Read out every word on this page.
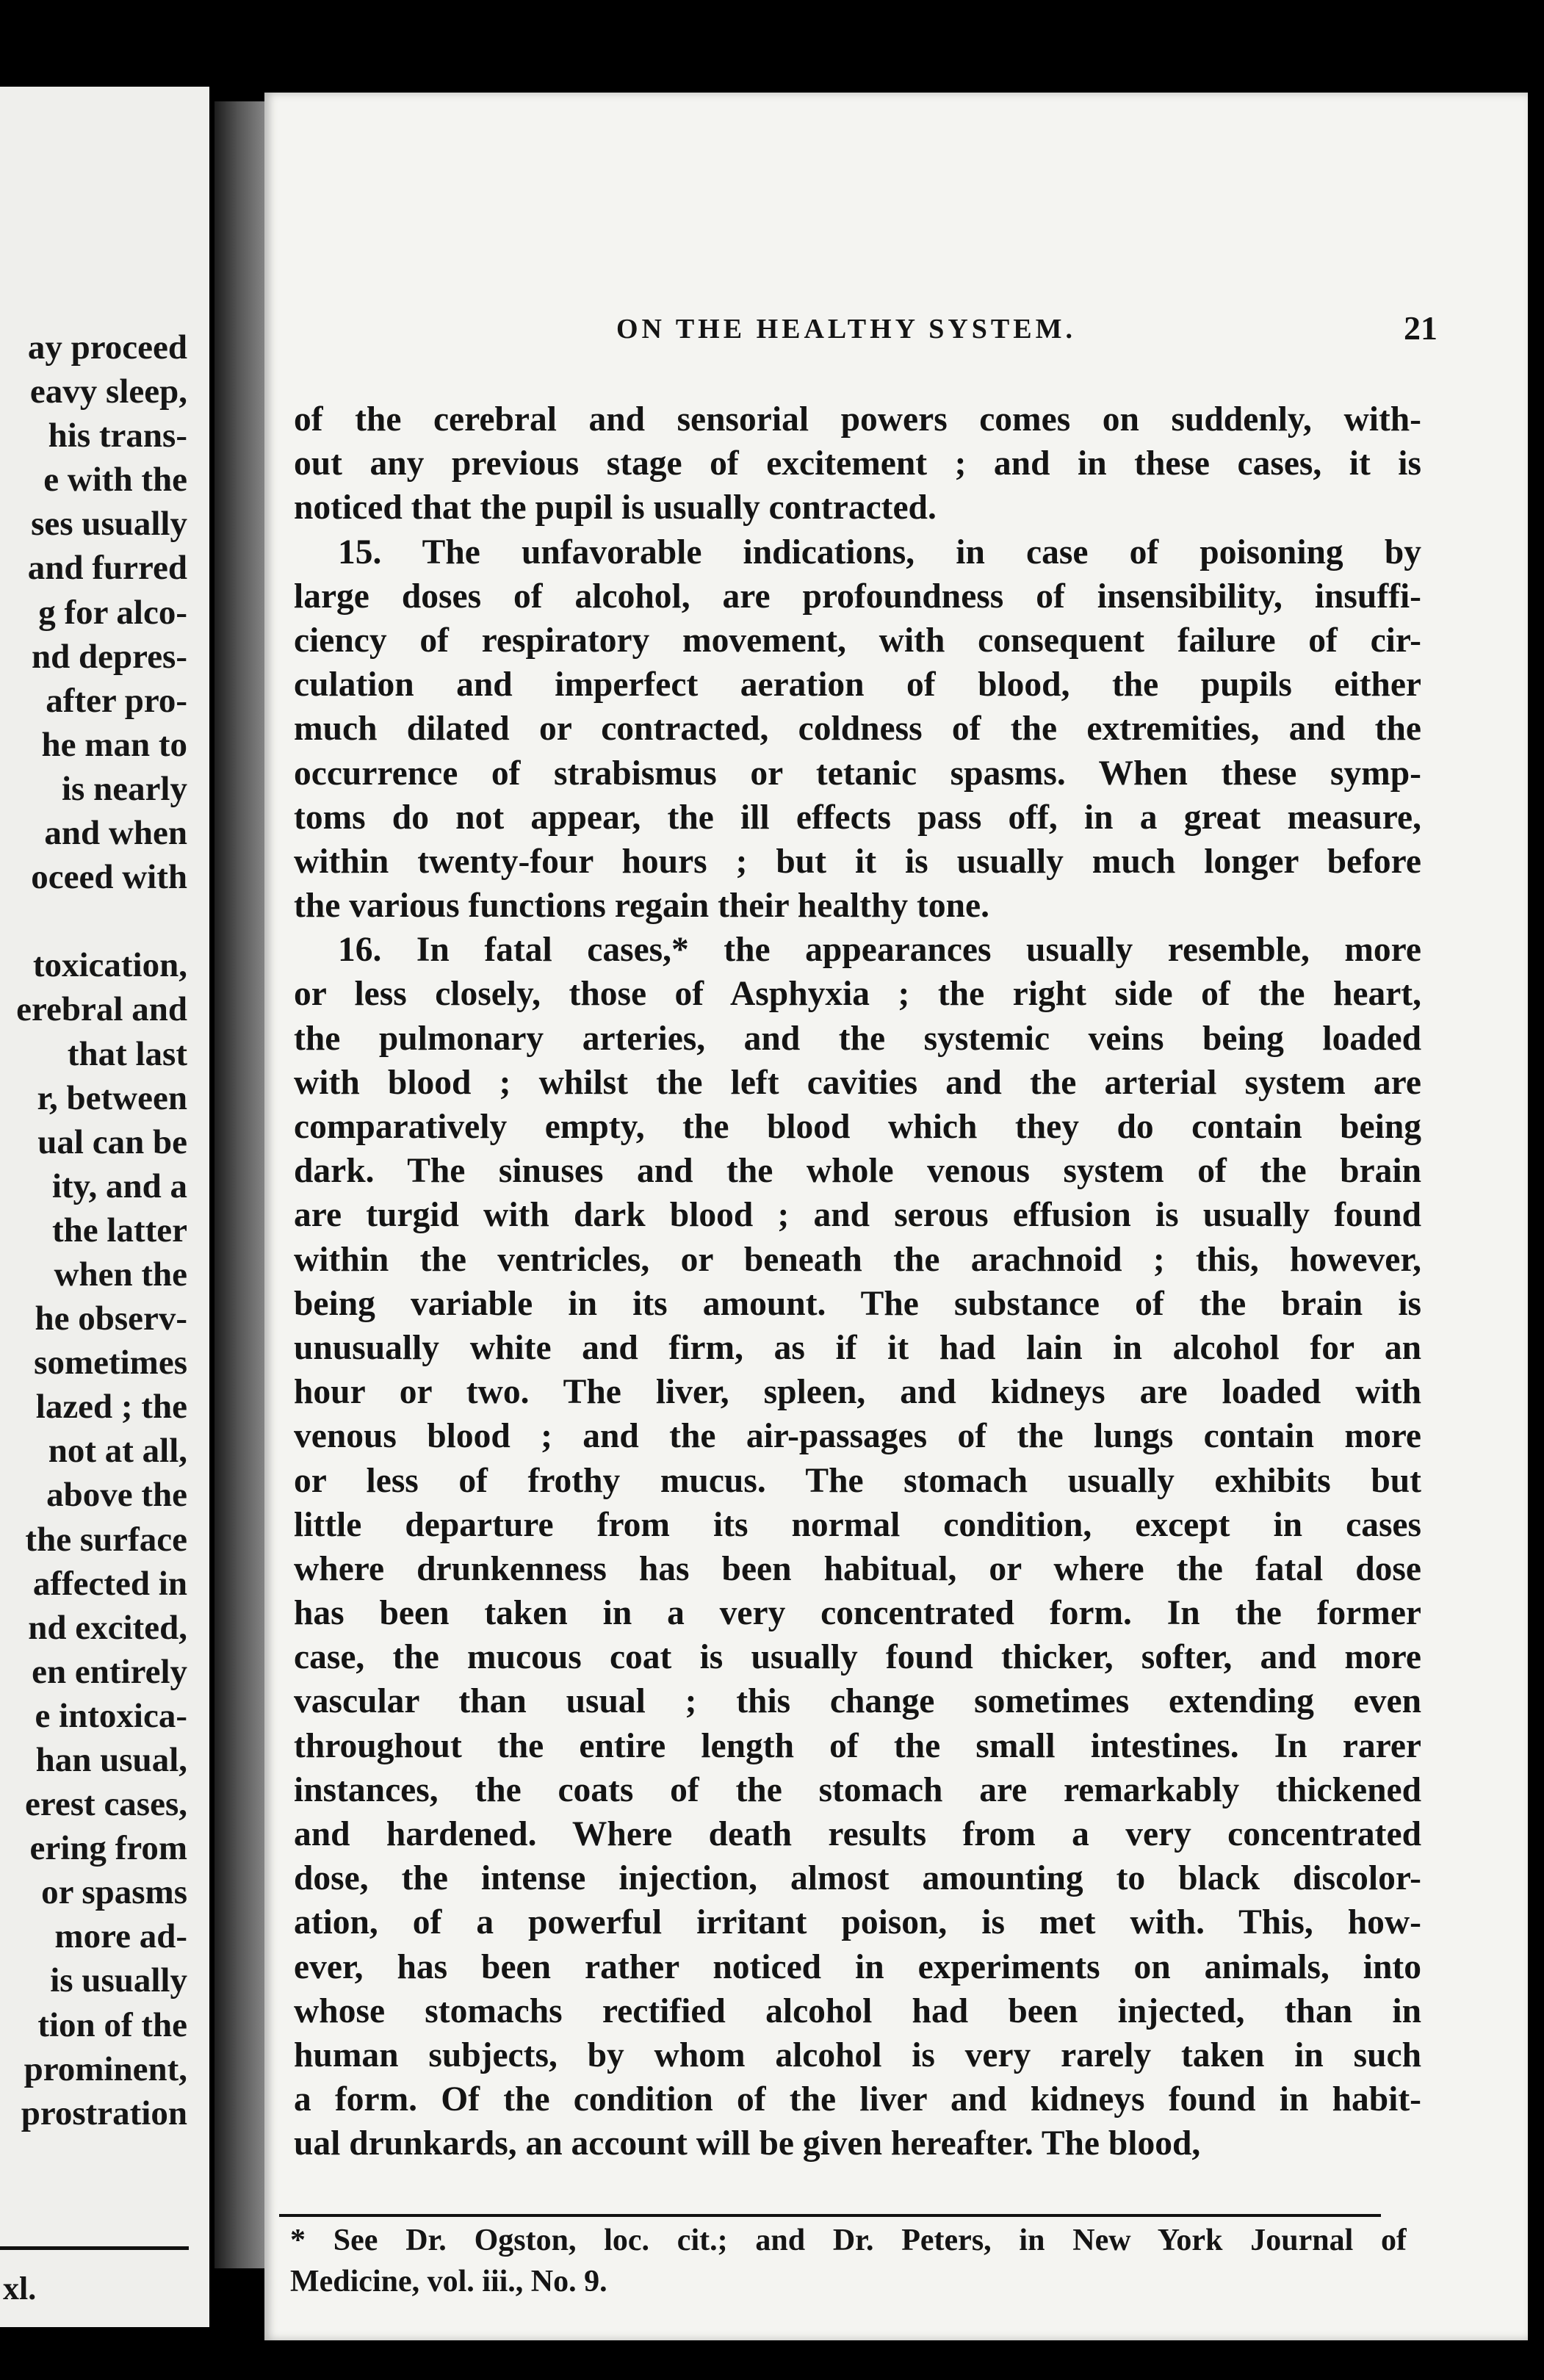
ay proceed
eavy sleep,
his trans-
e with the
ses usually
and furred
g for alco-
nd depres-
after pro-
he man to
is nearly
and when
oceed with

toxication,
erebral and
that last
r, between
ual can be
ity, and a
the latter
when the
he observ-
sometimes
lazed ; the
not at all,
above the
the surface
affected in
nd excited,
en entirely
e intoxica-
han usual,
erest cases,
ering from
or spasms
more ad-
is usually
tion of the
prominent,
prostration
xl.
ON THE HEALTHY SYSTEM.	21
of the cerebral and sensorial powers comes on suddenly, with-
out any previous stage of excitement ; and in these cases, it is
noticed that the pupil is usually contracted.
15. The unfavorable indications, in case of poisoning by
large doses of alcohol, are profoundness of insensibility, insuffi-
ciency of respiratory movement, with consequent failure of cir-
culation and imperfect aeration of blood, the pupils either
much dilated or contracted, coldness of the extremities, and the
occurrence of strabismus or tetanic spasms. When these symp-
toms do not appear, the ill effects pass off, in a great measure,
within twenty-four hours ; but it is usually much longer before
the various functions regain their healthy tone.
16. In fatal cases,* the appearances usually resemble, more
or less closely, those of Asphyxia ; the right side of the heart,
the pulmonary arteries, and the systemic veins being loaded
with blood ; whilst the left cavities and the arterial system are
comparatively empty, the blood which they do contain being
dark. The sinuses and the whole venous system of the brain
are turgid with dark blood ; and serous effusion is usually found
within the ventricles, or beneath the arachnoid ; this, however,
being variable in its amount. The substance of the brain is
unusually white and firm, as if it had lain in alcohol for an
hour or two. The liver, spleen, and kidneys are loaded with
venous blood ; and the air-passages of the lungs contain more
or less of frothy mucus. The stomach usually exhibits but
little departure from its normal condition, except in cases
where drunkenness has been habitual, or where the fatal dose
has been taken in a very concentrated form. In the former
case, the mucous coat is usually found thicker, softer, and more
vascular than usual ; this change sometimes extending even
throughout the entire length of the small intestines. In rarer
instances, the coats of the stomach are remarkably thickened
and hardened. Where death results from a very concentrated
dose, the intense injection, almost amounting to black discolor-
ation, of a powerful irritant poison, is met with. This, how-
ever, has been rather noticed in experiments on animals, into
whose stomachs rectified alcohol had been injected, than in
human subjects, by whom alcohol is very rarely taken in such
a form. Of the condition of the liver and kidneys found in habit-
ual drunkards, an account will be given hereafter. The blood,
* See Dr. Ogston, loc. cit.; and Dr. Peters, in New York Journal of
Medicine, vol. iii., No. 9.
